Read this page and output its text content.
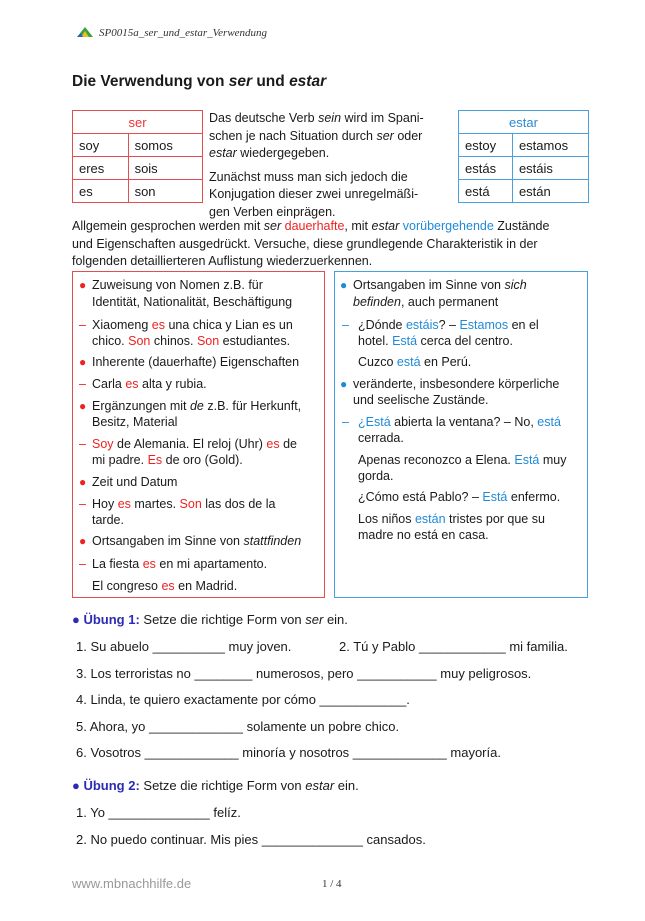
SP0015a_ser_und_estar_Verwendung
Die Verwendung von ser und estar
ser	
soy	somos
eres	sois
es	son
estar	
estoy	estamos
estás	estáis
está	están
Das deutsche Verb sein wird im Spani-
schen je nach Situation durch ser oder
estar wiedergegeben.
Zunächst muss man sich jedoch die
Konjugation dieser zwei unregelmäßi-
gen Verben einprägen.
Allgemein gesprochen werden mit ser dauerhafte, mit estar vorübergehende Zustände
und Eigenschaften ausgedrückt. Versuche, diese grundlegende Charakteristik in der
folgenden detaillierteren Auflistung wiederzuerkennen.
● Zuweisung von Nomen z.B. für
Identität, Nationalität, Beschäftigung
– Xiaomeng es una chica y Lian es un
chico. Son chinos. Son estudiantes.
● Inherente (dauerhafte) Eigenschaften
– Carla es alta y rubia.
● Ergänzungen mit de z.B. für Herkunft,
Besitz, Material
– Soy de Alemania. El reloj (Uhr) es de
mi padre. Es de oro (Gold).
● Zeit und Datum
– Hoy es martes. Son las dos de la
tarde.
● Ortsangaben im Sinne von stattfinden
– La fiesta es en mi apartamento.
El congreso es en Madrid.
● Ortsangaben im Sinne von sich
befinden, auch permanent
– ¿Dónde estáis? – Estamos en el
hotel. Está cerca del centro.
Cuzco está en Perú.
● veränderte, insbesondere körperliche
und seelische Zustände.
– ¿Está abierta la ventana? – No, está
cerrada.
Apenas reconozco a Elena. Está muy
gorda.
¿Cómo está Pablo? – Está enfermo.
Los niños están tristes por que su
madre no está en casa.
● Übung 1: Setze die richtige Form von ser ein.
1. Su abuelo __________ muy joven.	2. Tú y Pablo ____________ mi familia.
3. Los terroristas no ________ numerosos, pero ___________ muy peligrosos.
4. Linda, te quiero exactamente por cómo ____________.
5. Ahora, yo _____________ solamente un pobre chico.
6. Vosotros _____________ minoría y nosotros _____________ mayoría.
● Übung 2: Setze die richtige Form von estar ein.
1. Yo ______________ felíz.
2. No puedo continuar. Mis pies ______________ cansados.
www.mbnachhilfe.de	1 / 4
